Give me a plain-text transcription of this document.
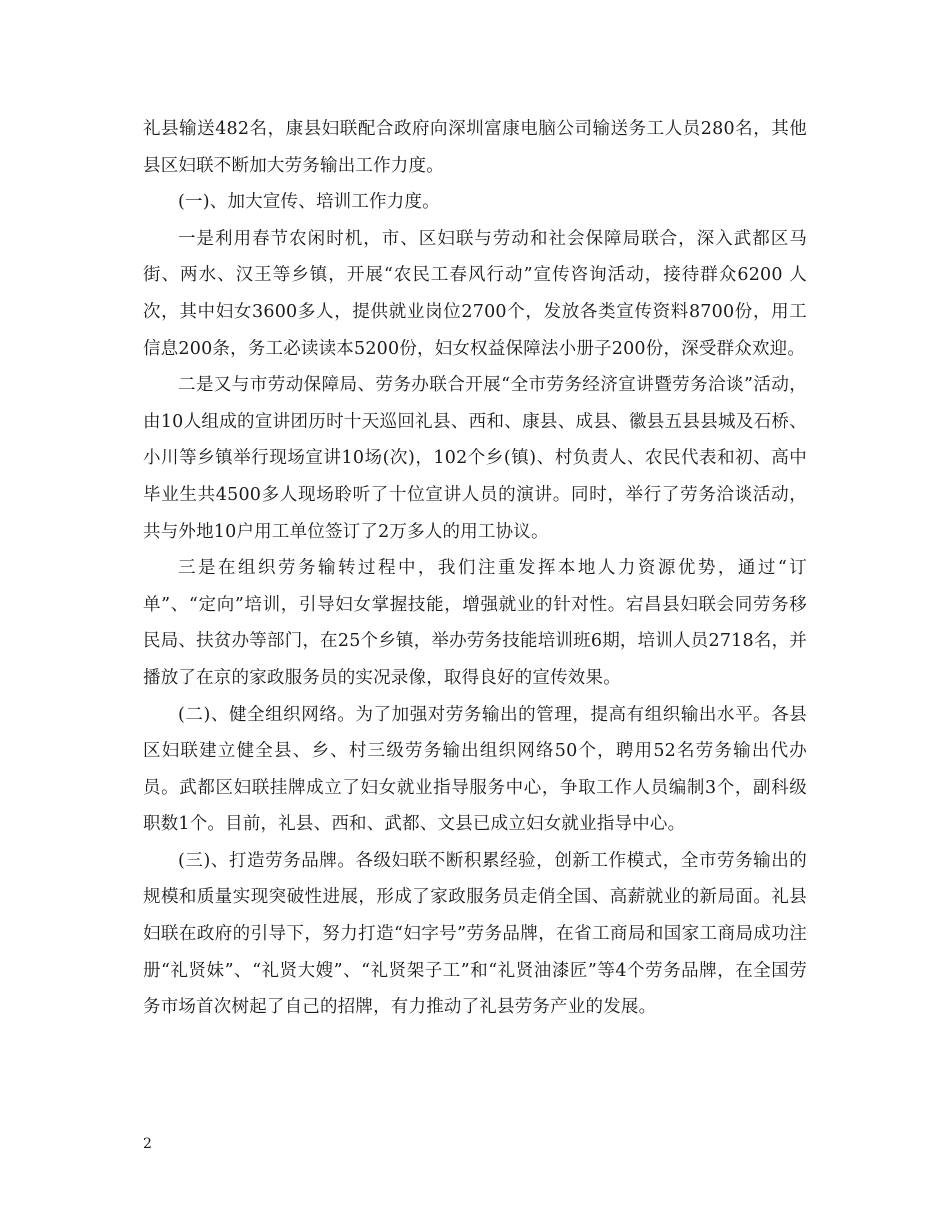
礼县输送482名，康县妇联配合政府向深圳富康电脑公司输送务工人员280名，其他县区妇联不断加大劳务输出工作力度。

(一)、加大宣传、培训工作力度。

一是利用春节农闲时机，市、区妇联与劳动和社会保障局联合，深入武都区马街、两水、汉王等乡镇，开展“农民工春风行动”宣传咨询活动，接待群众6200 人次，其中妇女3600多人，提供就业岗位2700个，发放各类宣传资料8700份，用工信息200条，务工必读读本5200份，妇女权益保障法小册子200份，深受群众欢迎。

二是又与市劳动保障局、劳务办联合开展“全市劳务经济宣讲暨劳务洽谈”活动，由10人组成的宣讲团历时十天巡回礼县、西和、康县、成县、徽县五县县城及石桥、小川等乡镇举行现场宣讲10场(次)，102个乡(镇)、村负责人、农民代表和初、高中毕业生共4500多人现场聆听了十位宣讲人员的演讲。同时，举行了劳务洽谈活动，共与外地10户用工单位签订了2万多人的用工协议。

三是在组织劳务输转过程中，我们注重发挥本地人力资源优势，通过“订单”、“定向”培训，引导妇女掌握技能，增强就业的针对性。宕昌县妇联会同劳务移民局、扶贫办等部门，在25个乡镇，举办劳务技能培训班6期，培训人员2718名，并播放了在京的家政服务员的实况录像，取得良好的宣传效果。

(二)、健全组织网络。为了加强对劳务输出的管理，提高有组织输出水平。各县区妇联建立健全县、乡、村三级劳务输出组织网络50个，聘用52名劳务输出代办员。武都区妇联挂牌成立了妇女就业指导服务中心，争取工作人员编制3个，副科级职数1个。目前，礼县、西和、武都、文县已成立妇女就业指导中心。

(三)、打造劳务品牌。各级妇联不断积累经验，创新工作模式，全市劳务输出的规模和质量实现突破性进展，形成了家政服务员走俏全国、高薪就业的新局面。礼县妇联在政府的引导下，努力打造“妇字号”劳务品牌，在省工商局和国家工商局成功注册“礼贤妹”、“礼贤大嫂”、“礼贤架子工”和“礼贤油漆匠”等4个劳务品牌，在全国劳务市场首次树起了自己的招牌，有力推动了礼县劳务产业的发展。

2
